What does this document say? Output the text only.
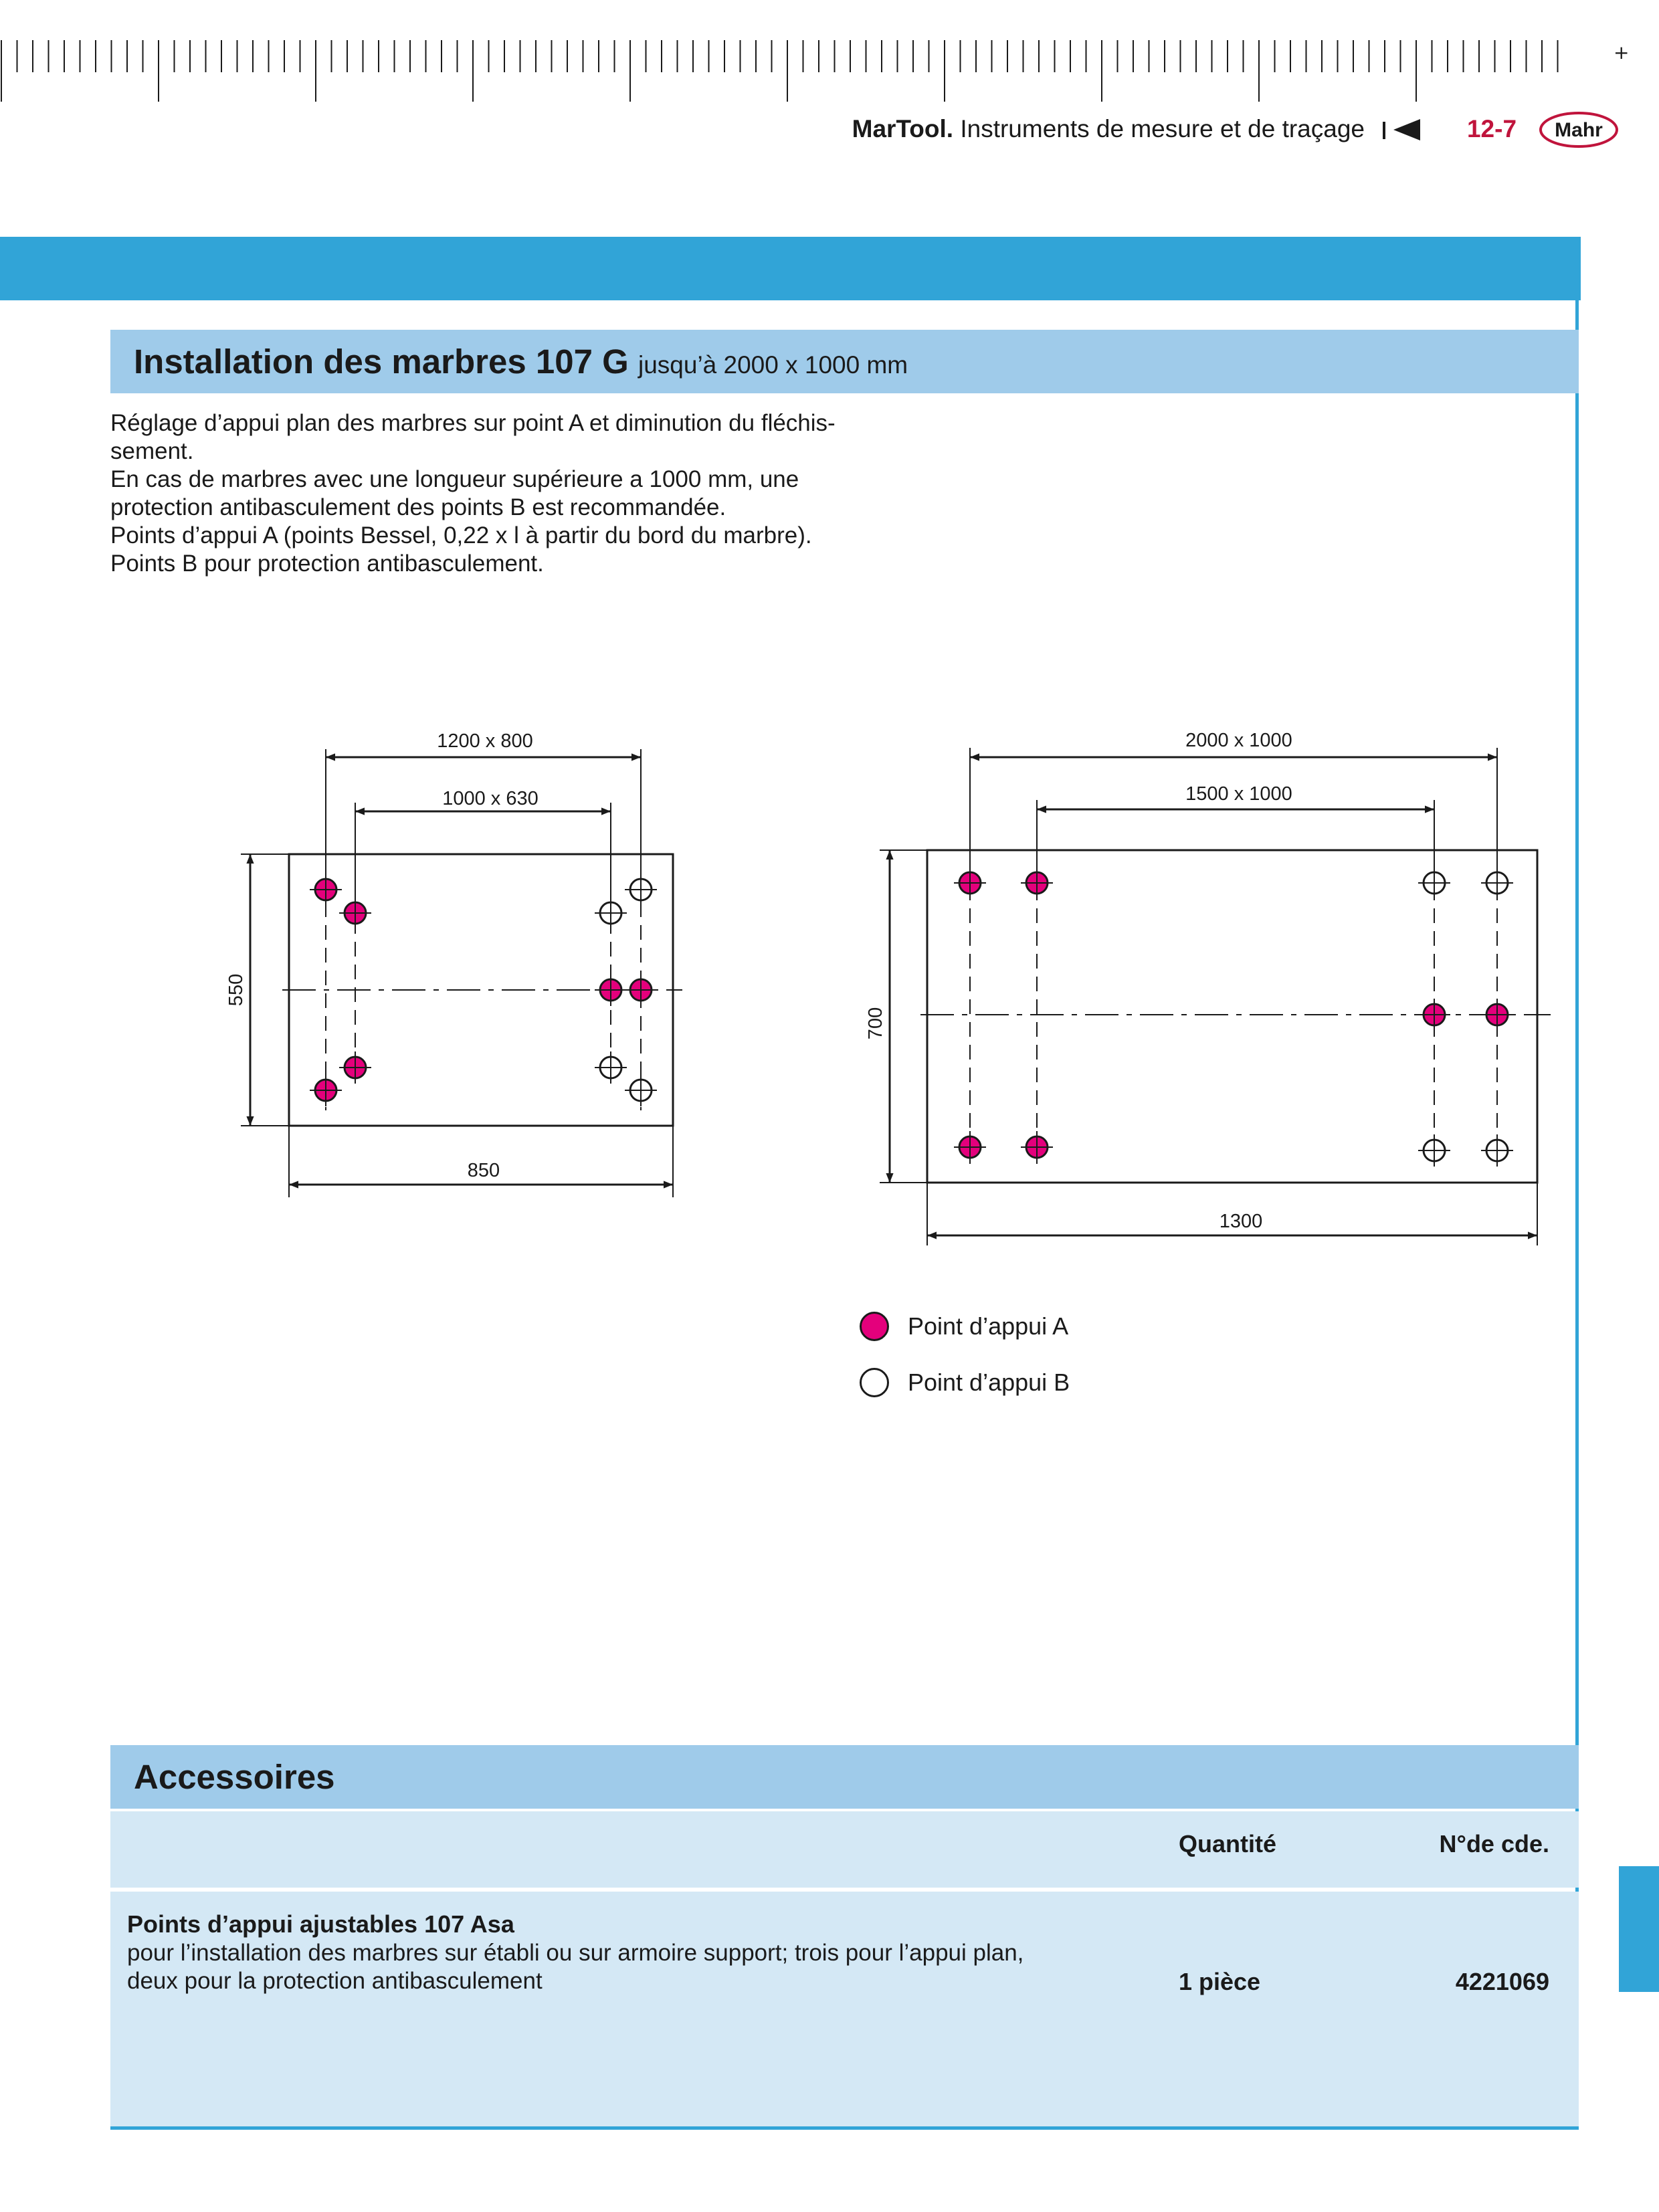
+
MarTool. Instruments de mesure et de traçage	12-7	Mahr
Installation des marbres 107 G jusqu’à 2000 x 1000 mm
Réglage d’appui plan des marbres sur point A et diminution du fléchis-
sement.
En cas de marbres avec une longueur supérieure a 1000 mm, une
protection antibasculement des points B est recommandée.
Points d’appui A (points Bessel, 0,22 x l à partir du bord du marbre).
Points B pour protection antibasculement.
1200 x 800
1000 x 630
850
550
2000 x 1000
1500 x 1000
1300
700
Point d’appui A
Point d’appui B
Accessoires
Quantité	N°de cde.
Points d’appui ajustables 107 Asa
pour l’installation des marbres sur établi ou sur armoire support; trois pour l’appui plan,
deux pour la protection antibasculement	1 pièce	4221069
